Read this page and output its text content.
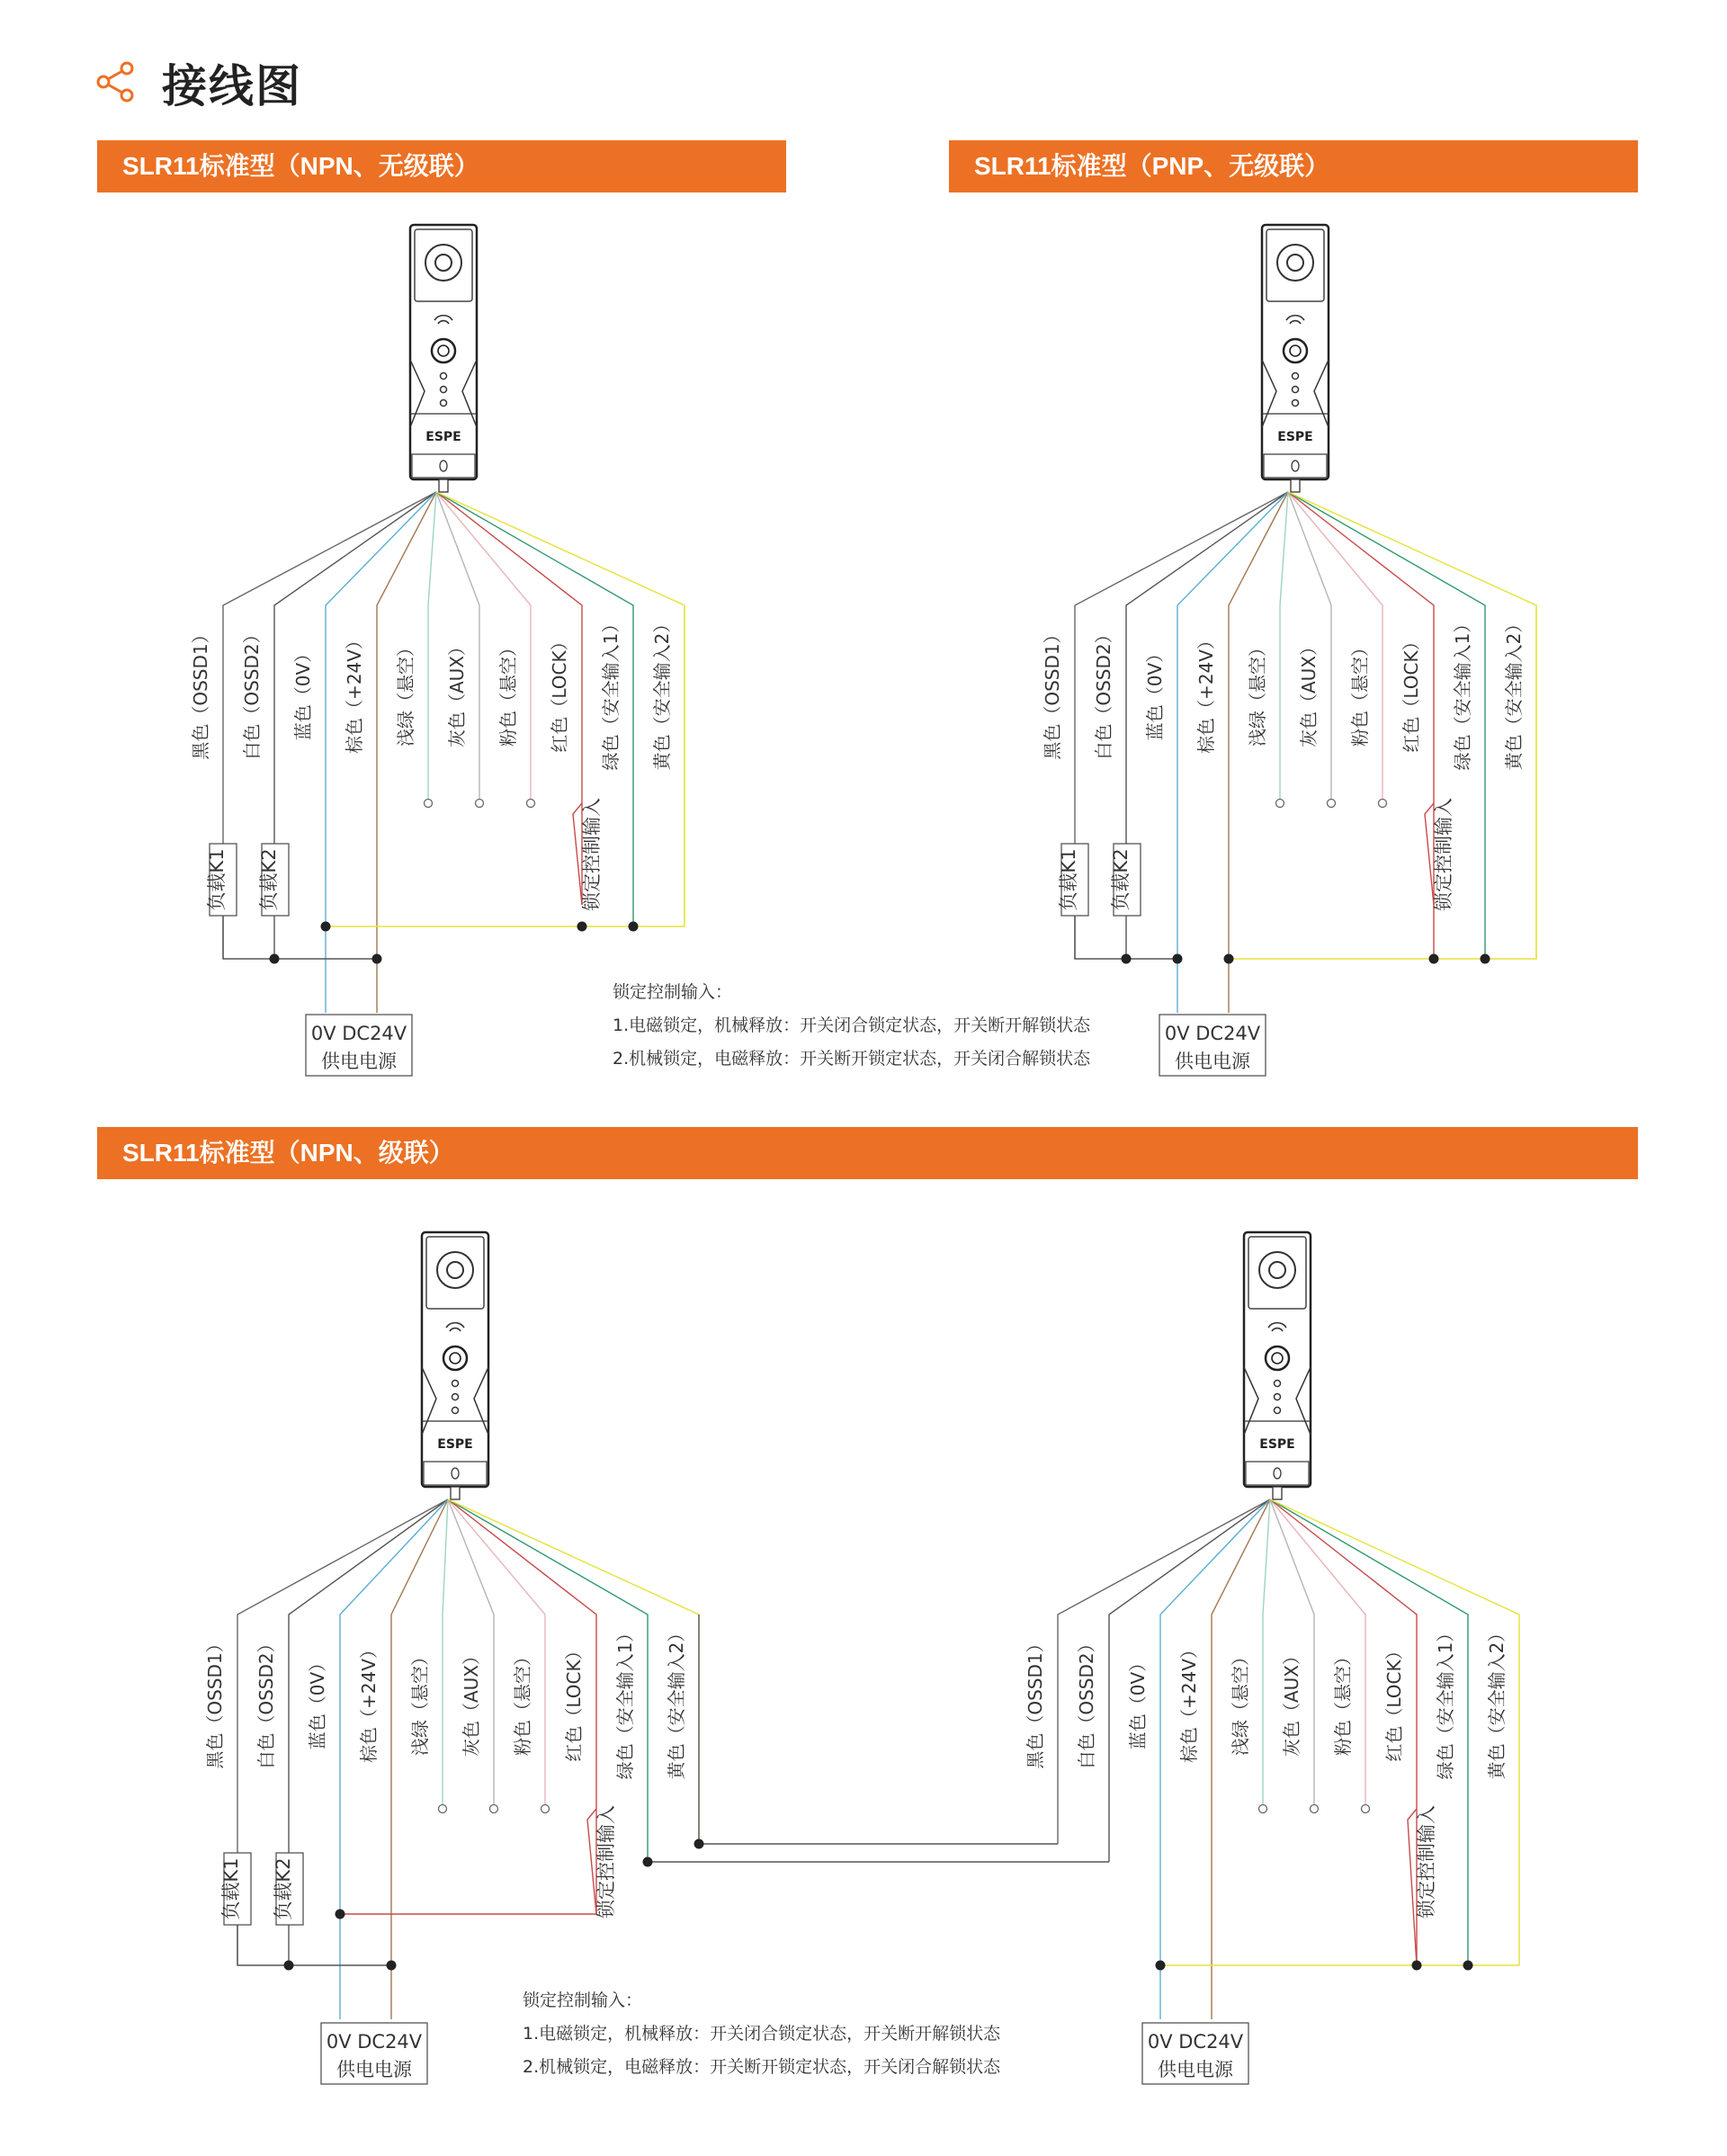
接线图
SLR11标准型（NPN、无级联）	SLR11标准型（PNP、无级联）
SLR11标准型（NPN、级联）
ESPE
黑色（OSSD1） 白色（OSSD2） 蓝色（0V） 棕色（+24V） 浅绿（悬空） 灰色（AUX） 粉色（悬空） 红色（LOCK） 绿色（安全输入1） 黄色（安全输入2）
负载K1 负载K2	锁定控制输入
0V DC24V
供电电源
ESPE
黑色（OSSD1） 白色（OSSD2） 蓝色（0V） 棕色（+24V） 浅绿（悬空） 灰色（AUX） 粉色（悬空） 红色（LOCK） 绿色（安全输入1） 黄色（安全输入2）
负载K1 负载K2	锁定控制输入
0V DC24V
供电电源
ESPE
黑色（OSSD1） 白色（OSSD2） 蓝色（0V） 棕色（+24V） 浅绿（悬空） 灰色（AUX） 粉色（悬空） 红色（LOCK） 绿色（安全输入1） 黄色（安全输入2）
负载K1 负载K2	锁定控制输入
0V DC24V
供电电源
ESPE
黑色（OSSD1） 白色（OSSD2） 蓝色（0V） 棕色（+24V） 浅绿（悬空） 灰色（AUX） 粉色（悬空） 红色（LOCK） 绿色（安全输入1） 黄色（安全输入2）
锁定控制输入
0V DC24V
供电电源
锁定控制输入：
1.电磁锁定，机械释放：开关闭合锁定状态，开关断开解锁状态
2.机械锁定，电磁释放：开关断开锁定状态，开关闭合解锁状态
锁定控制输入：
1.电磁锁定，机械释放：开关闭合锁定状态，开关断开解锁状态
2.机械锁定，电磁释放：开关断开锁定状态，开关闭合解锁状态
